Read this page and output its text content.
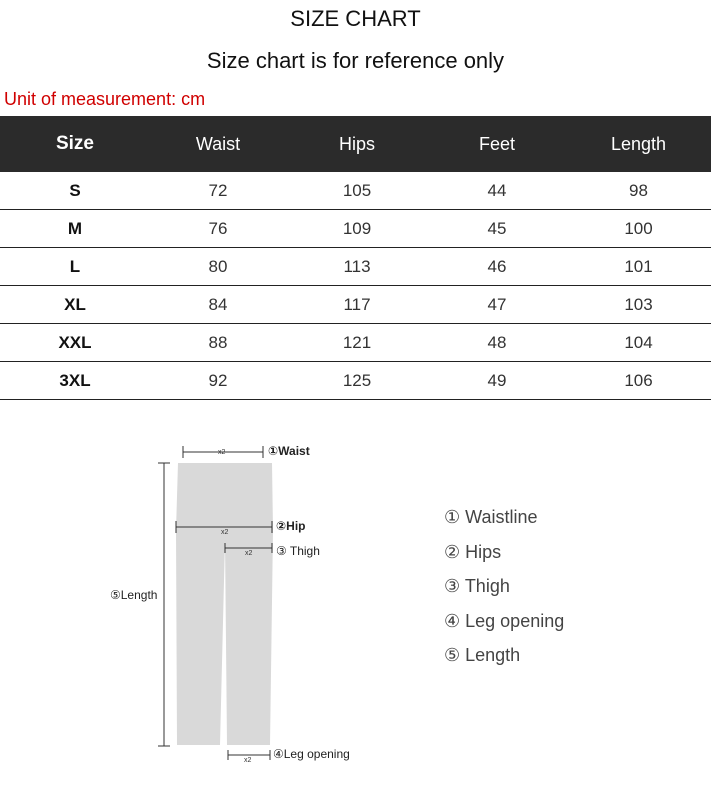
SIZE CHART
Size chart is for reference only
Unit of measurement: cm
Size	Waist	Hips	Feet	Length
S	72	105	44	98
M	76	109	45	100
L	80	113	46	101
XL	84	117	47	103
XXL	88	121	48	104
3XL	92	125	49	106
x2
x2
x2
x2
①Waist
②Hip
③ Thigh
⑤Length
④Leg opening
① Waistline
② Hips
③ Thigh
④ Leg opening
⑤ Length
